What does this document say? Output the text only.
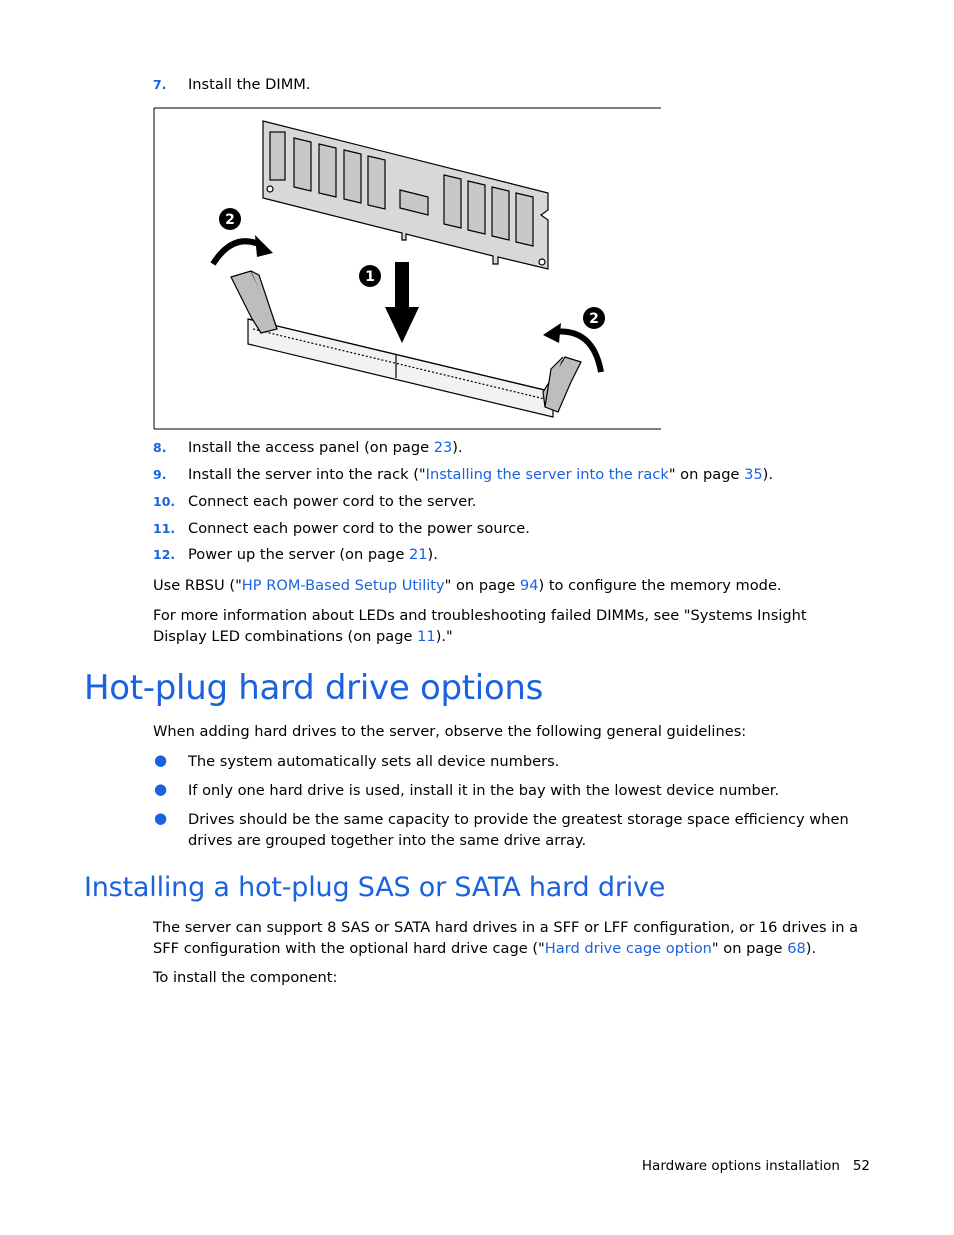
7. Install the DIMM.
2
1
2
8. Install the access panel (on page 23).
9. Install the server into the rack ("Installing the server into the rack" on page 35).
10. Connect each power cord to the server.
11. Connect each power cord to the power source.
12. Power up the server (on page 21).
Use RBSU ("HP ROM-Based Setup Utility" on page 94) to configure the memory mode.
For more information about LEDs and troubleshooting failed DIMMs, see "Systems Insight Display LED combinations (on page 11)."
Hot-plug hard drive options
When adding hard drives to the server, observe the following general guidelines:
● The system automatically sets all device numbers.
● If only one hard drive is used, install it in the bay with the lowest device number.
● Drives should be the same capacity to provide the greatest storage space efficiency when drives are grouped together into the same drive array.
Installing a hot-plug SAS or SATA hard drive
The server can support 8 SAS or SATA hard drives in a SFF or LFF configuration, or 16 drives in a SFF configuration with the optional hard drive cage ("Hard drive cage option" on page 68).
To install the component:
Hardware options installation 52
